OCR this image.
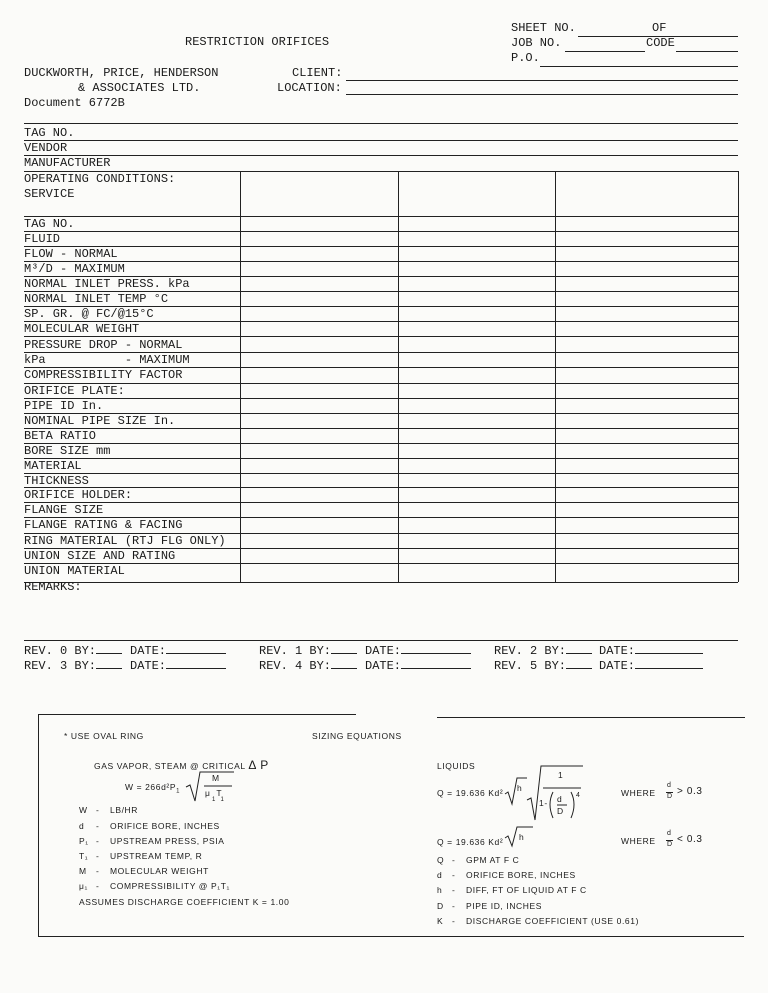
RESTRICTION ORIFICES
SHEET NO.	OF
JOB NO.	CODE
P.O.
DUCKWORTH, PRICE, HENDERSON
& ASSOCIATES LTD.
Document 6772B
CLIENT:
LOCATION:
TAG NO.
VENDOR
MANUFACTURER
OPERATING CONDITIONS:
SERVICE
TAG NO.
FLUID
FLOW - NORMAL
M³/D - MAXIMUM
NORMAL INLET PRESS. kPa
NORMAL INLET TEMP °C
SP. GR. @ FC/@15°C
MOLECULAR WEIGHT
PRESSURE DROP - NORMAL
kPa           - MAXIMUM
COMPRESSIBILITY FACTOR
ORIFICE PLATE:
PIPE ID In.
NOMINAL PIPE SIZE In.
BETA RATIO
BORE SIZE mm
MATERIAL
THICKNESS
ORIFICE HOLDER:
FLANGE SIZE
FLANGE RATING & FACING
RING MATERIAL (RTJ FLG ONLY)
UNION SIZE AND RATING
UNION MATERIAL
REMARKS:
REV. 0 BY:	DATE:	REV. 1 BY:	DATE:	REV. 2 BY:	DATE:
REV. 3 BY:	DATE:	REV. 4 BY:	DATE:	REV. 5 BY:	DATE:
* USE OVAL RING	SIZING EQUATIONS
GAS VAPOR, STEAM @ CRITICAL Δ P
$W = 266d^2P_1$
M
μ  T
1  1
W - LB/HR
d - ORIFICE BORE, INCHES
P₁ - UPSTREAM PRESS, PSIA
T₁ - UPSTREAM TEMP, R
M - MOLECULAR WEIGHT
μ₁ - COMPRESSIBILITY @ P₁T₁
ASSUMES DISCHARGE COEFFICIENT K = 1.00
LIQUIDS
Q = 19.636 Kd² h
1
1- d
D
4	WHERE
d
D > 0.3
Q = 19.636 Kd² h	WHERE
d
D < 0.3
Q - GPM AT F C
d - ORIFICE BORE, INCHES
h - DIFF, FT OF LIQUID AT F C
D - PIPE ID, INCHES
K - DISCHARGE COEFFICIENT (USE 0.61)
